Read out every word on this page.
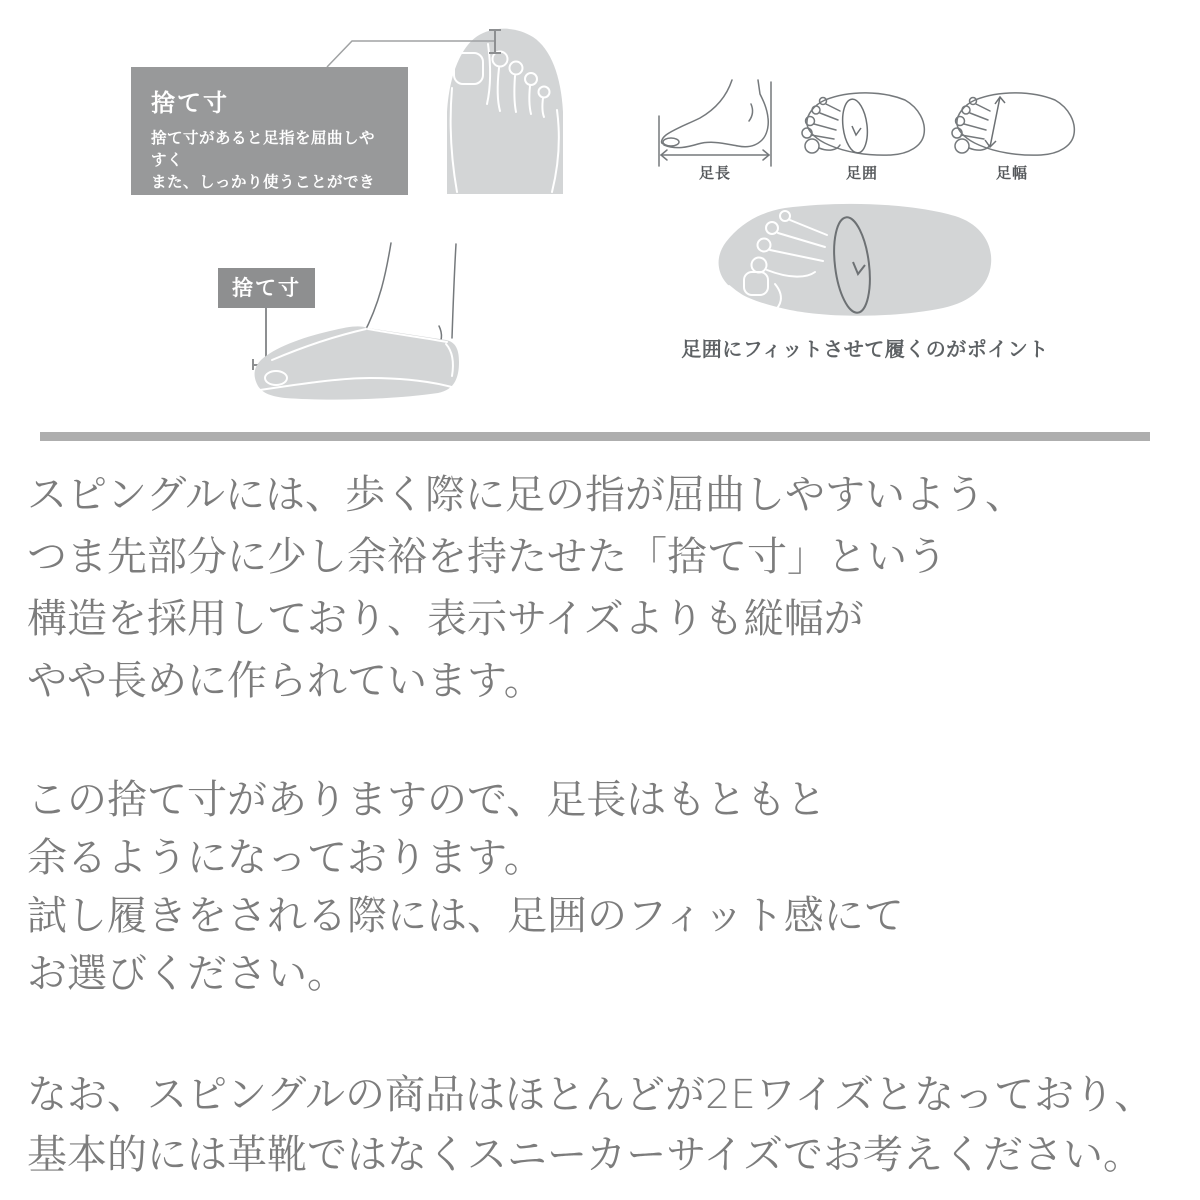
捨て寸
捨て寸があると足指を屈曲しやすく
また、しっかり使うことができ
歩きやすい。
捨て寸
足長	足囲	足幅
足囲にフィットさせて履くのがポイント
スピングルには、歩く際に足の指が屈曲しやすいよう、
つま先部分に少し余裕を持たせた「捨て寸」という
構造を採用しており、表示サイズよりも縦幅が
やや長めに作られています。
この捨て寸がありますので、足長はもともと
余るようになっております。
試し履きをされる際には、足囲のフィット感にて
お選びください。
なお、スピングルの商品はほとんどが2Eワイズとなっており、
基本的には革靴ではなくスニーカーサイズでお考えください。
